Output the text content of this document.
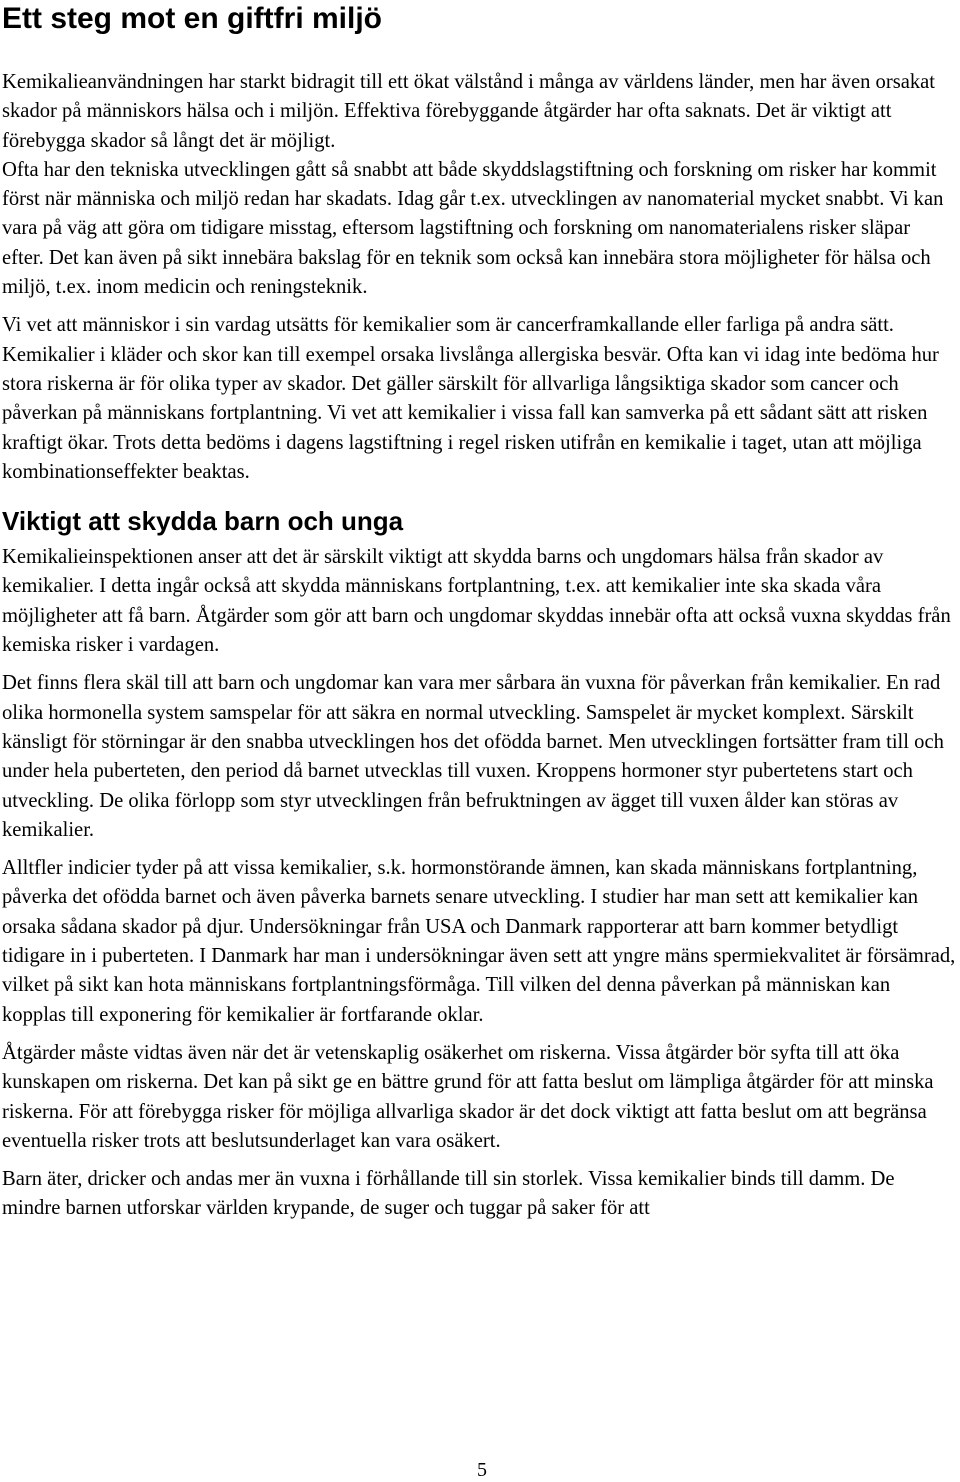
Ett steg mot en giftfri miljö

Kemikalieanvändningen har starkt bidragit till ett ökat välstånd i många av världens länder, men har även orsakat skador på människors hälsa och i miljön. Effektiva förebyggande åtgärder har ofta saknats. Det är viktigt att förebygga skador så långt det är möjligt.

Ofta har den tekniska utvecklingen gått så snabbt att både skyddslagstiftning och forskning om risker har kommit först när människa och miljö redan har skadats. Idag går t.ex. utvecklingen av nanomaterial mycket snabbt. Vi kan vara på väg att göra om tidigare misstag, eftersom lagstiftning och forskning om nanomaterialens risker släpar efter. Det kan även på sikt innebära bakslag för en teknik som också kan innebära stora möjligheter för hälsa och miljö, t.ex. inom medicin och reningsteknik.

Vi vet att människor i sin vardag utsätts för kemikalier som är cancerframkallande eller farliga på andra sätt. Kemikalier i kläder och skor kan till exempel orsaka livslånga allergiska besvär. Ofta kan vi idag inte bedöma hur stora riskerna är för olika typer av skador. Det gäller särskilt för allvarliga långsiktiga skador som cancer och påverkan på människans fortplantning. Vi vet att kemikalier i vissa fall kan samverka på ett sådant sätt att risken kraftigt ökar. Trots detta bedöms i dagens lagstiftning i regel risken utifrån en kemikalie i taget, utan att möjliga kombinationseffekter beaktas.

Viktigt att skydda barn och unga

Kemikalieinspektionen anser att det är särskilt viktigt att skydda barns och ungdomars hälsa från skador av kemikalier. I detta ingår också att skydda människans fortplantning, t.ex. att kemikalier inte ska skada våra möjligheter att få barn. Åtgärder som gör att barn och ungdomar skyddas innebär ofta att också vuxna skyddas från kemiska risker i vardagen.

Det finns flera skäl till att barn och ungdomar kan vara mer sårbara än vuxna för påverkan från kemikalier. En rad olika hormonella system samspelar för att säkra en normal utveckling. Samspelet är mycket komplext. Särskilt känsligt för störningar är den snabba utvecklingen hos det ofödda barnet. Men utvecklingen fortsätter fram till och under hela puberteten, den period då barnet utvecklas till vuxen. Kroppens hormoner styr pubertetens start och utveckling. De olika förlopp som styr utvecklingen från befruktningen av ägget till vuxen ålder kan störas av kemikalier.

Alltfler indicier tyder på att vissa kemikalier, s.k. hormonstörande ämnen, kan skada människans fortplantning, påverka det ofödda barnet och även påverka barnets senare utveckling. I studier har man sett att kemikalier kan orsaka sådana skador på djur. Undersökningar från USA och Danmark rapporterar att barn kommer betydligt tidigare in i puberteten. I Danmark har man i undersökningar även sett att yngre mäns spermiekvalitet är försämrad, vilket på sikt kan hota människans fortplantningsförmåga. Till vilken del denna påverkan på människan kan kopplas till exponering för kemikalier är fortfarande oklar.

Åtgärder måste vidtas även när det är vetenskaplig osäkerhet om riskerna. Vissa åtgärder bör syfta till att öka kunskapen om riskerna. Det kan på sikt ge en bättre grund för att fatta beslut om lämpliga åtgärder för att minska riskerna. För att förebygga risker för möjliga allvarliga skador är det dock viktigt att fatta beslut om att begränsa eventuella risker trots att beslutsunderlaget kan vara osäkert.

Barn äter, dricker och andas mer än vuxna i förhållande till sin storlek. Vissa kemikalier binds till damm. De mindre barnen utforskar världen krypande, de suger och tuggar på saker för att

5
